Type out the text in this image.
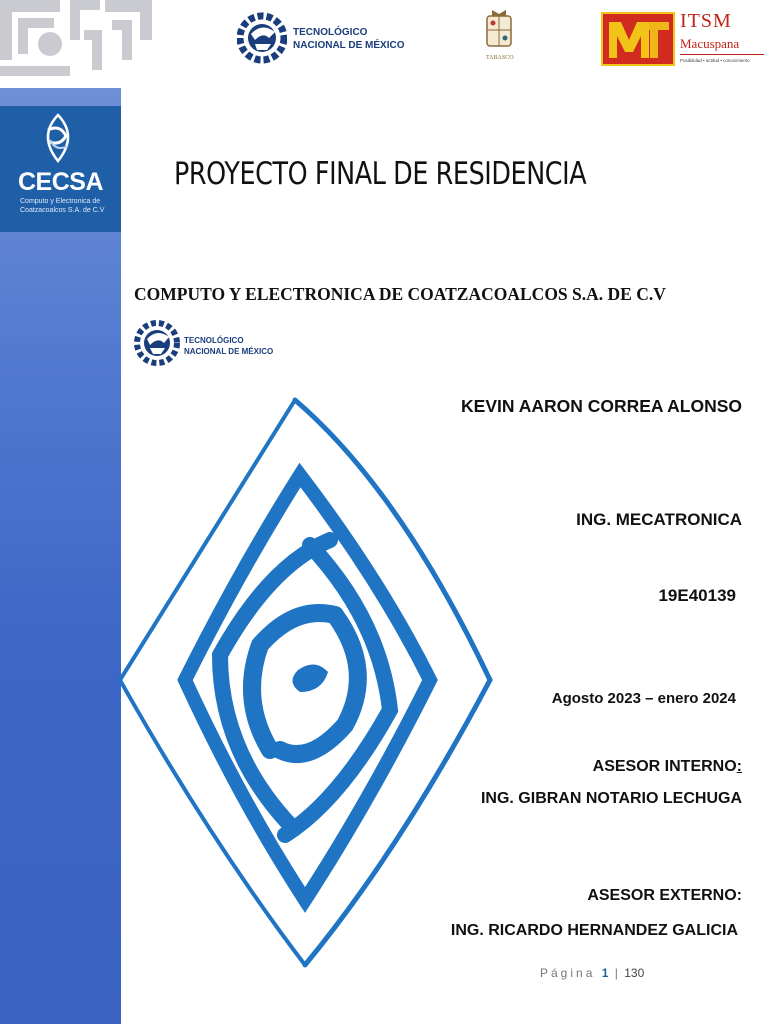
TECNOLÓGICO
NACIONAL DE MÉXICO
TABASCO
ITSM
Macuspana
Posibilidad • actitud • conocimiento
CECSA
Computo y Electronica de Coatzacoalcos S.A. de C.V
PROYECTO FINAL DE RESIDENCIA
COMPUTO Y ELECTRONICA DE COATZACOALCOS S.A. DE C.V
TECNOLÓGICO
NACIONAL DE MÉXICO
KEVIN AARON CORREA ALONSO
ING. MECATRONICA
19E40139
Agosto 2023 – enero 2024
ASESOR INTERNO:
ING. GIBRAN NOTARIO LECHUGA
ASESOR EXTERNO:
ING. RICARDO HERNANDEZ GALICIA
Página 1 | 130
